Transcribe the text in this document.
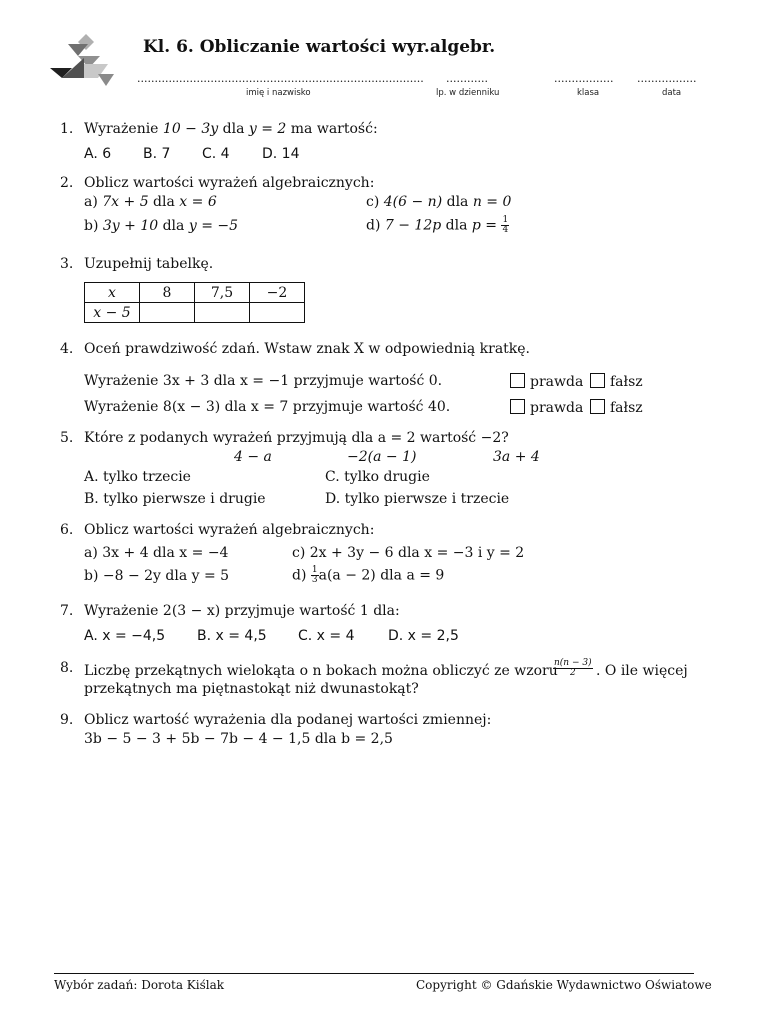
Kl. 6. Obliczanie wartości wyr.algebr.
..................................................................................
imię i nazwisko
............
lp. w dzienniku
.................
klasa
.................
data
1. Wyrażenie 10 − 3y dla y = 2 ma wartość:
A. 6 B. 7 C. 4 D. 14
2. Oblicz wartości wyrażeń algebraicznych:
a) 7x + 5 dla x = 6	c) 4(6 − n) dla n = 0
b) 3y + 10 dla y = −5	d) 7 − 12p dla $p = \frac{1}{4}$
3. Uzupełnij tabelkę.
x	8	7,5	−2
x − 5			
4. Oceń prawdziwość zdań. Wstaw znak X w odpowiednią kratkę.
Wyrażenie 3x + 3 dla x = −1 przyjmuje wartość 0.	prawda	fałsz
Wyrażenie 8(x − 3) dla x = 7 przyjmuje wartość 40.	prawda	fałsz
5. Które z podanych wyrażeń przyjmują dla a = 2 wartość −2?
4 − a	−2(a − 1)	3a + 4
A. tylko trzecie	C. tylko drugie
B. tylko pierwsze i drugie	D. tylko pierwsze i trzecie
6. Oblicz wartości wyrażeń algebraicznych:
a) 3x + 4 dla x = −4	c) 2x + 3y − 6 dla x = −3 i y = 2
b) −8 − 2y dla y = 5	$d) \frac{1}{3} a(a - 2)$ dla a = 9
7. Wyrażenie 2(3 − x) przyjmuje wartość 1 dla:
A. x = −4,5 B. x = 4,5 C. x = 4 D. x = 2,5
8. Liczbę przekątnych wielokąta o n bokach można obliczyć ze wzoru
$\frac{n(n - 3)}{2}$ . O ile więcej
przekątnych ma piętnastokąt niż dwunastokąt?
9. Oblicz wartość wyrażenia dla podanej wartości zmiennej:
3b − 5 − 3 + 5b − 7b − 4 − 1,5 dla b = 2,5
Wybór zadań: Dorota Kiślak	Copyright © Gdańskie Wydawnictwo Oświatowe
